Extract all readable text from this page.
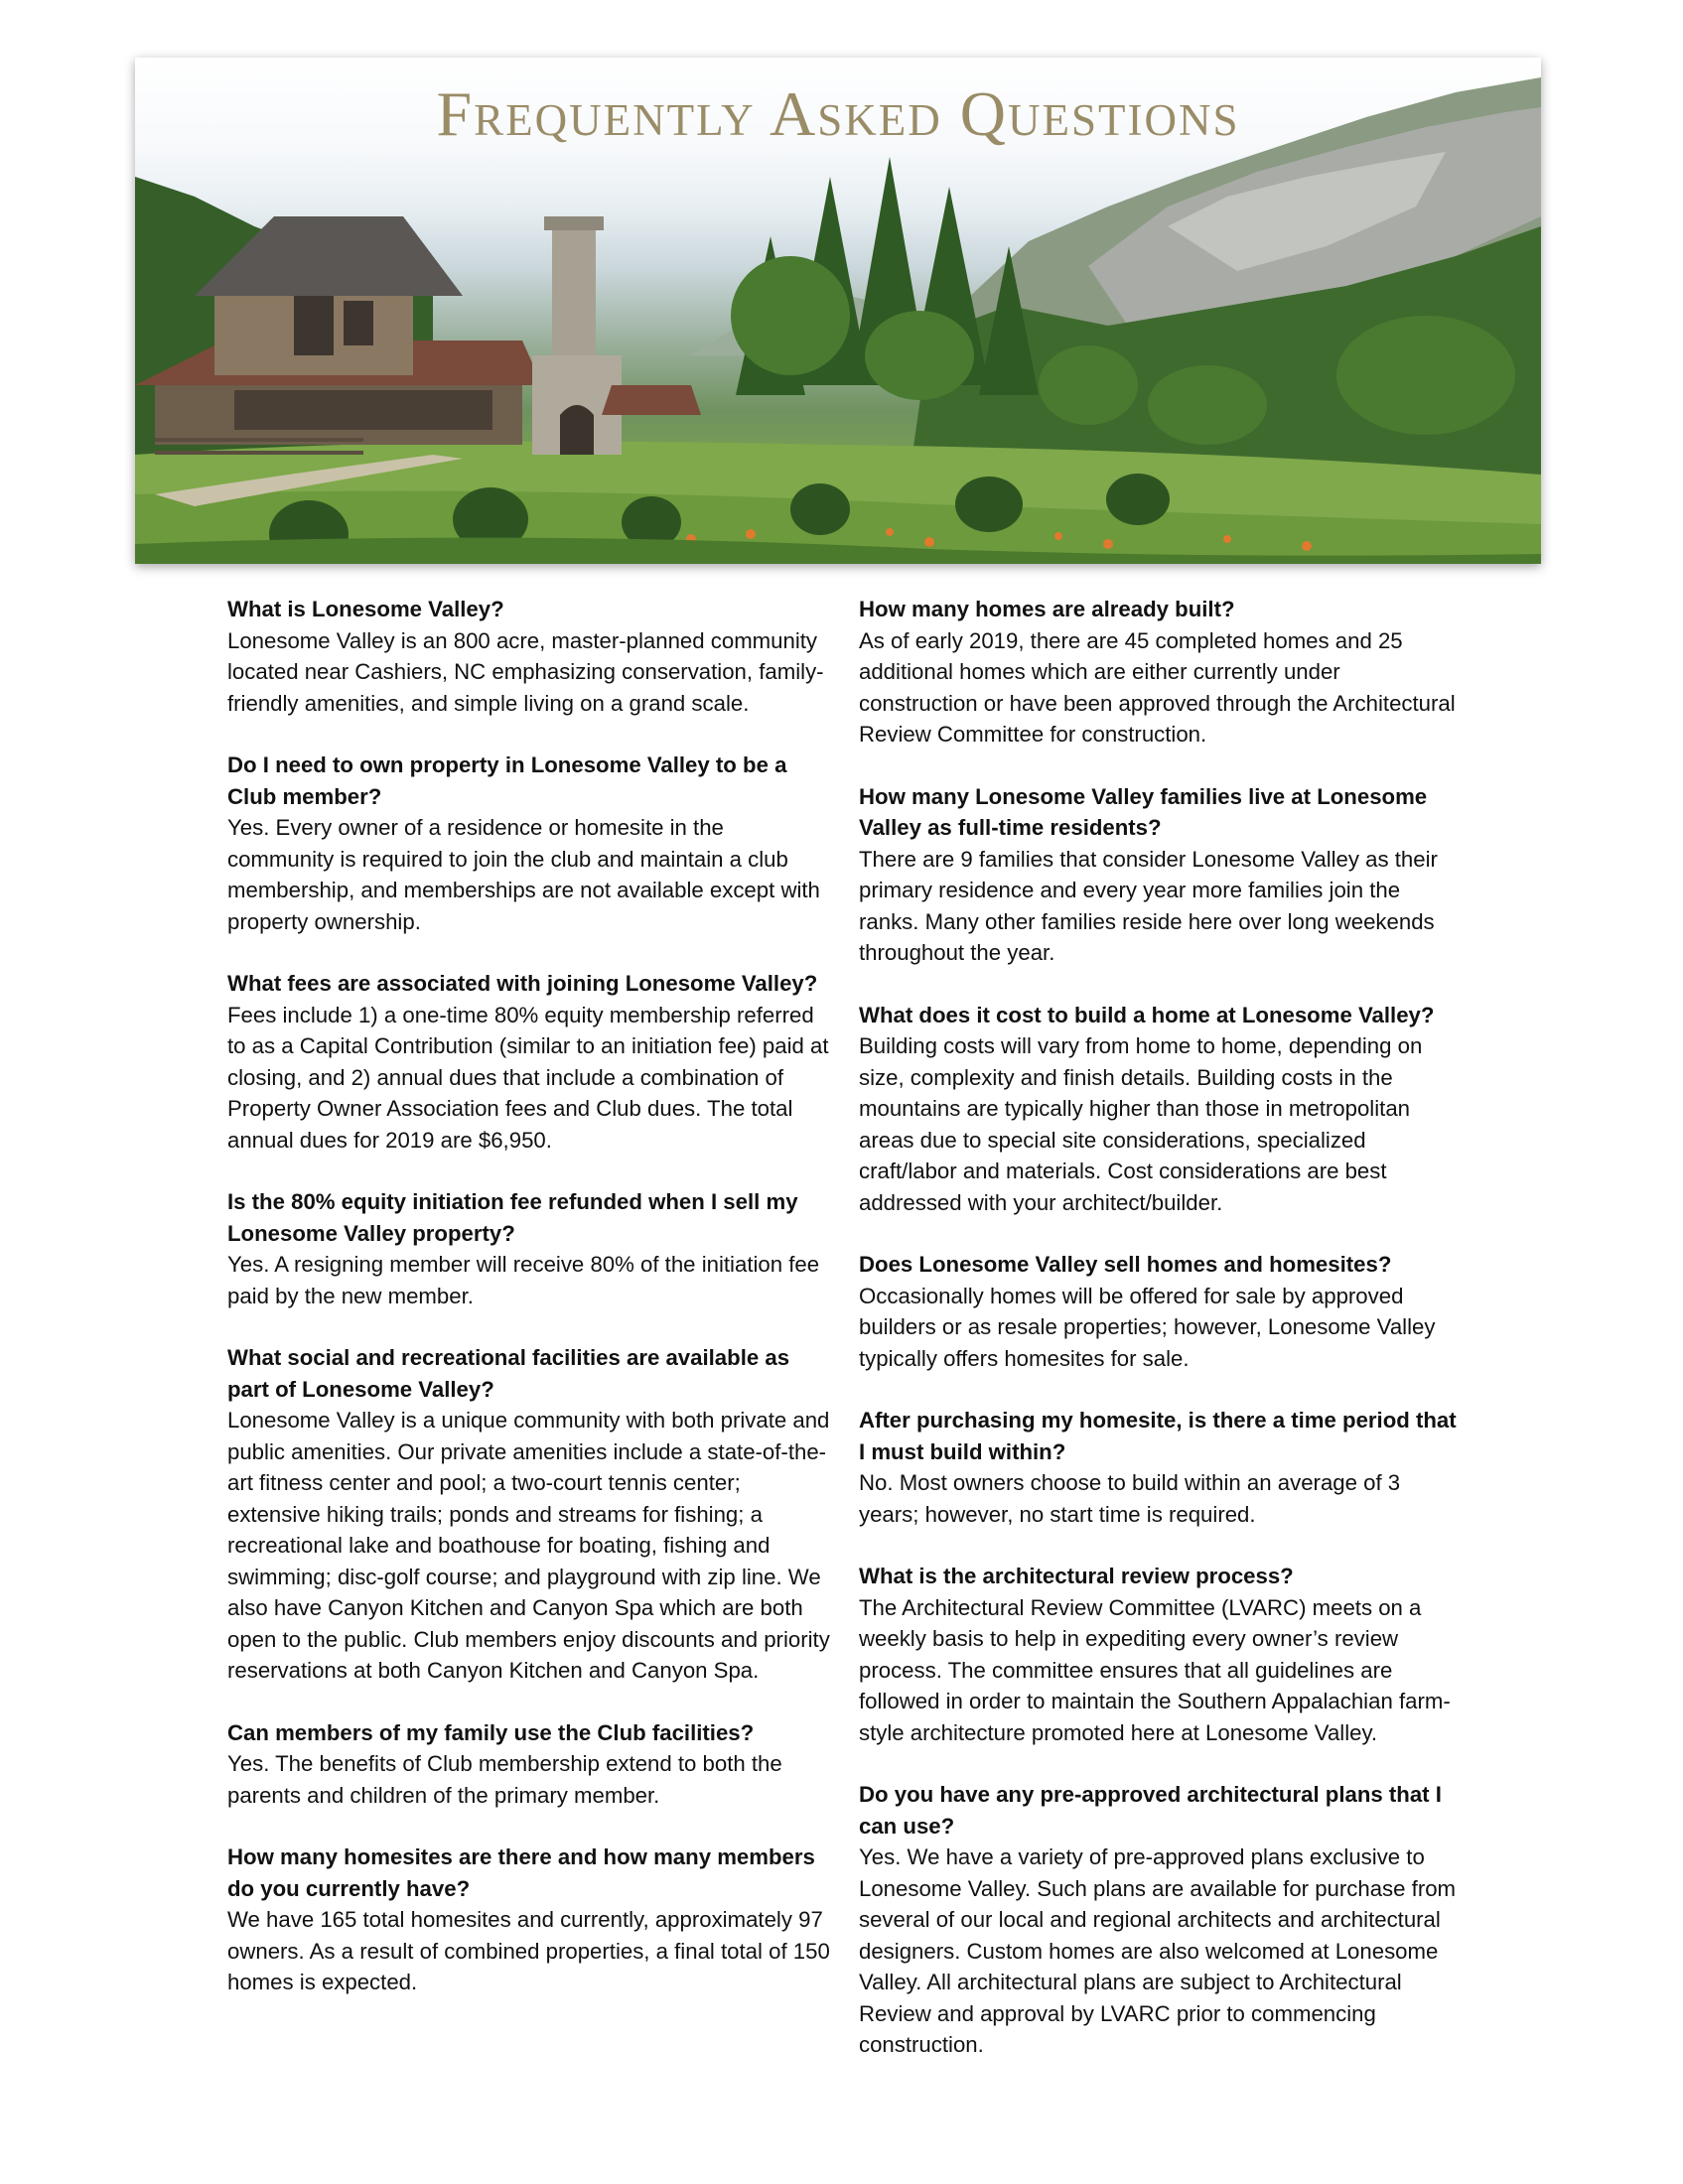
Frequently Asked Questions
What is Lonesome Valley?
Lonesome Valley is an 800 acre, master-planned community located near Cashiers, NC emphasizing conservation, family-friendly amenities, and simple living on a grand scale.
Do I need to own property in Lonesome Valley to be a Club member?
Yes. Every owner of a residence or homesite in the community is required to join the club and maintain a club membership, and memberships are not available except with property ownership.
What fees are associated with joining Lonesome Valley?
Fees include 1) a one-time 80% equity membership referred to as a Capital Contribution (similar to an initiation fee) paid at closing, and 2) annual dues that include a combination of Property Owner Association fees and Club dues. The total annual dues for 2019 are $6,950.
Is the 80% equity initiation fee refunded when I sell my Lonesome Valley property?
Yes. A resigning member will receive 80% of the initiation fee paid by the new member.
What social and recreational facilities are available as part of Lonesome Valley?
Lonesome Valley is a unique community with both private and public amenities. Our private amenities include a state-of-the-art fitness center and pool; a two-court tennis center; extensive hiking trails; ponds and streams for fishing; a recreational lake and boathouse for boating, fishing and swimming; disc-golf course; and playground with zip line. We also have Canyon Kitchen and Canyon Spa which are both open to the public. Club members enjoy discounts and priority reservations at both Canyon Kitchen and Canyon Spa.
Can members of my family use the Club facilities?
Yes. The benefits of Club membership extend to both the parents and children of the primary member.
How many homesites are there and how many members do you currently have?
We have 165 total homesites and currently, approximately 97 owners. As a result of combined properties, a final total of 150 homes is expected.
How many homes are already built?
As of early 2019, there are 45 completed homes and 25 additional homes which are either currently under construction or have been approved through the Architectural Review Committee for construction.
How many Lonesome Valley families live at Lonesome Valley as full-time residents?
There are 9 families that consider Lonesome Valley as their primary residence and every year more families join the ranks. Many other families reside here over long weekends throughout the year.
What does it cost to build a home at Lonesome Valley?
Building costs will vary from home to home, depending on size, complexity and finish details. Building costs in the mountains are typically higher than those in metropolitan areas due to special site considerations, specialized craft/labor and materials. Cost considerations are best addressed with your architect/builder.
Does Lonesome Valley sell homes and homesites?
Occasionally homes will be offered for sale by approved builders or as resale properties; however, Lonesome Valley typically offers homesites for sale.
After purchasing my homesite, is there a time period that I must build within?
No. Most owners choose to build within an average of 3 years; however, no start time is required.
What is the architectural review process?
The Architectural Review Committee (LVARC) meets on a weekly basis to help in expediting every owner’s review process. The committee ensures that all guidelines are followed in order to maintain the Southern Appalachian farm-style architecture promoted here at Lonesome Valley.
Do you have any pre-approved architectural plans that I can use?
Yes. We have a variety of pre-approved plans exclusive to Lonesome Valley. Such plans are available for purchase from several of our local and regional architects and architectural designers. Custom homes are also welcomed at Lonesome Valley. All architectural plans are subject to Architectural Review and approval by LVARC prior to commencing construction.
